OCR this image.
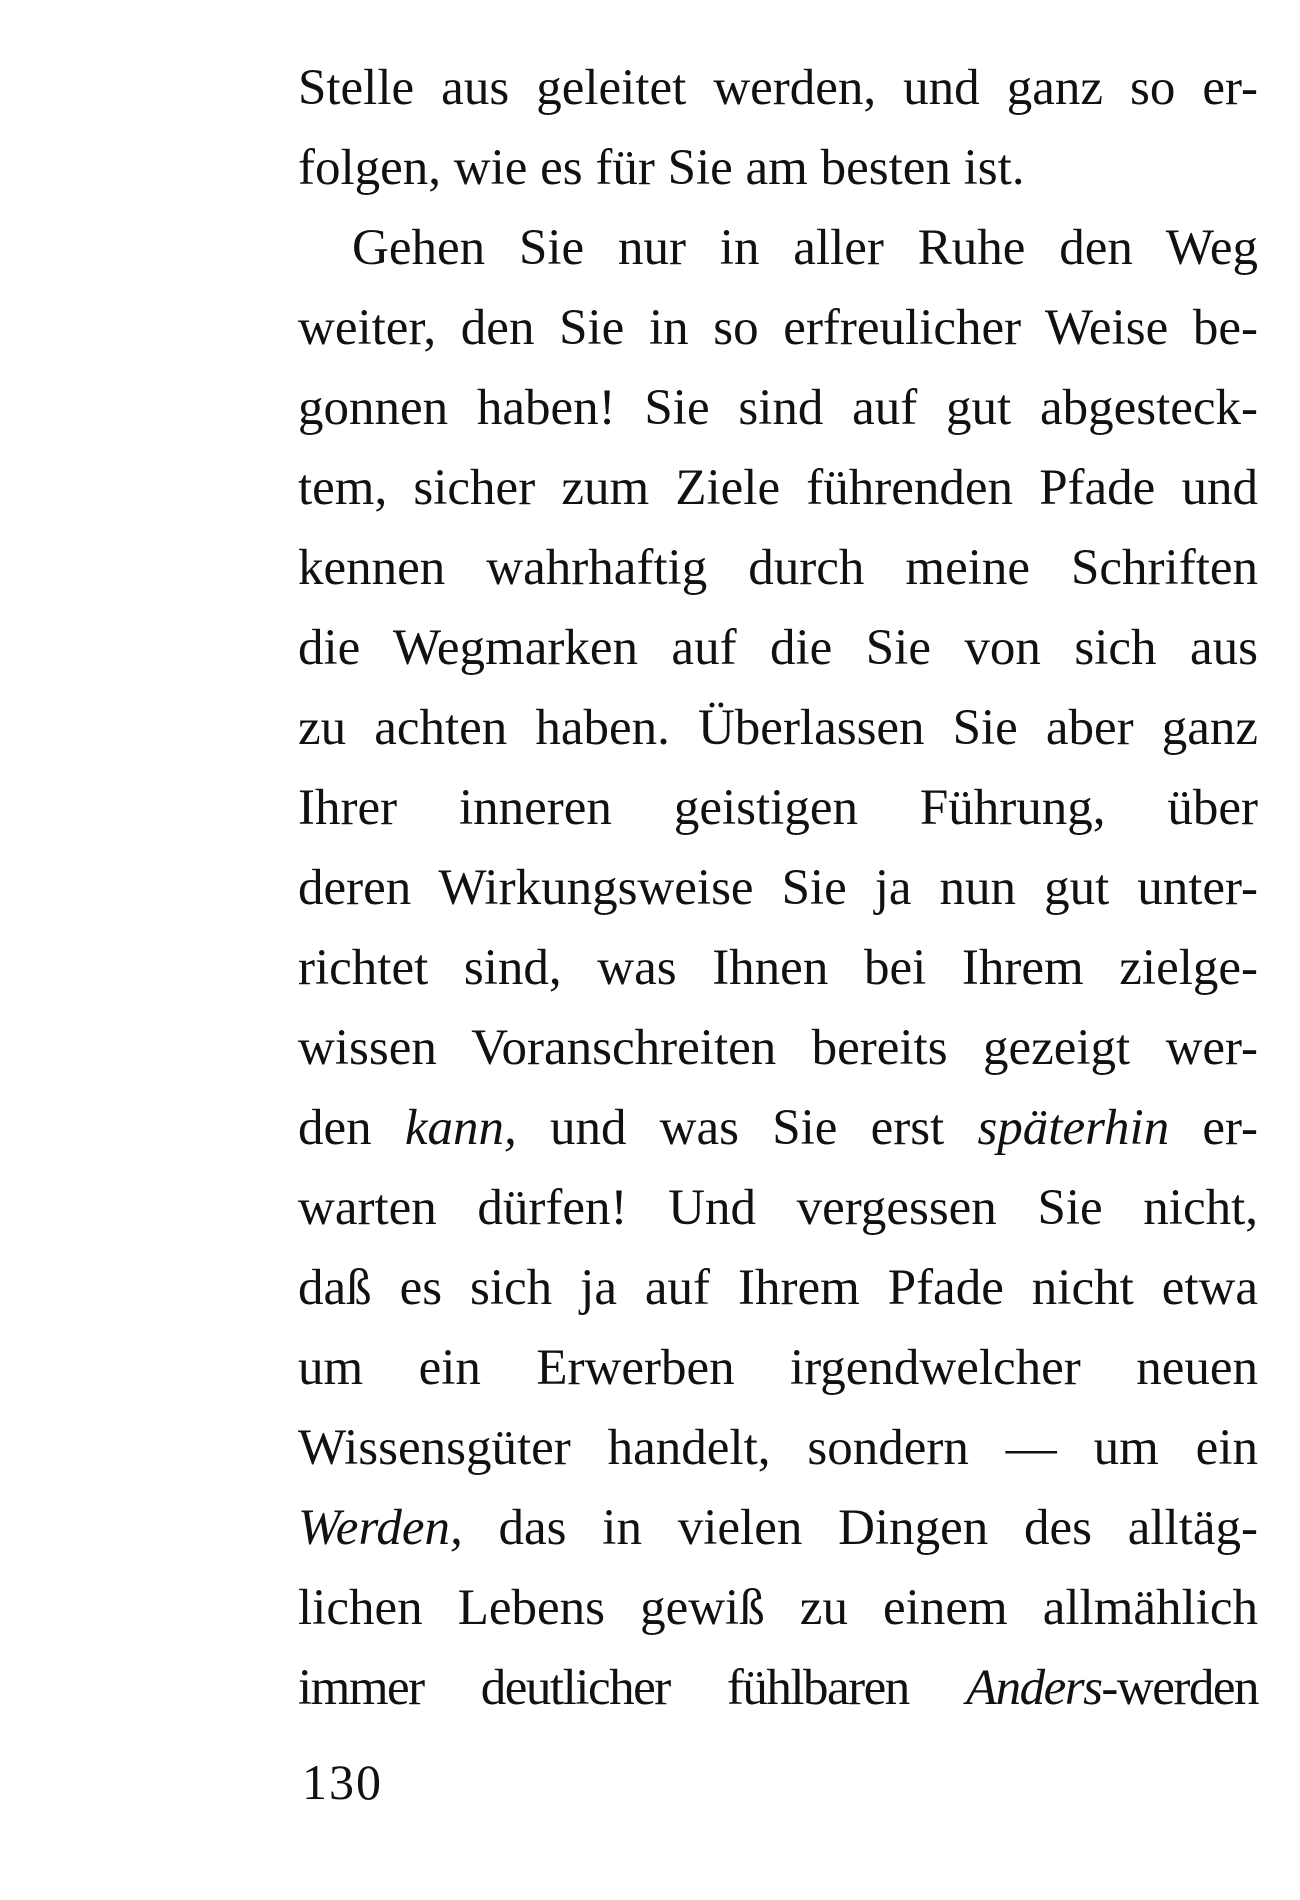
Stelle aus geleitet werden, und ganz so er-
folgen, wie es für Sie am besten ist.
Gehen Sie nur in aller Ruhe den Weg
weiter, den Sie in so erfreulicher Weise be-
gonnen haben! Sie sind auf gut abgesteck-
tem, sicher zum Ziele führenden Pfade und
kennen wahrhaftig durch meine Schriften
die Wegmarken auf die Sie von sich aus
zu achten haben. Überlassen Sie aber ganz
Ihrer inneren geistigen Führung, über
deren Wirkungsweise Sie ja nun gut unter-
richtet sind, was Ihnen bei Ihrem zielge-
wissen Voranschreiten bereits gezeigt wer-
den kann, und was Sie erst späterhin er-
warten dürfen! Und vergessen Sie nicht,
daß es sich ja auf Ihrem Pfade nicht etwa
um ein Erwerben irgendwelcher neuen
Wissensgüter handelt, sondern — um ein
Werden, das in vielen Dingen des alltäg-
lichen Lebens gewiß zu einem allmählich
immer deutlicher fühlbaren Anders-werden
130
